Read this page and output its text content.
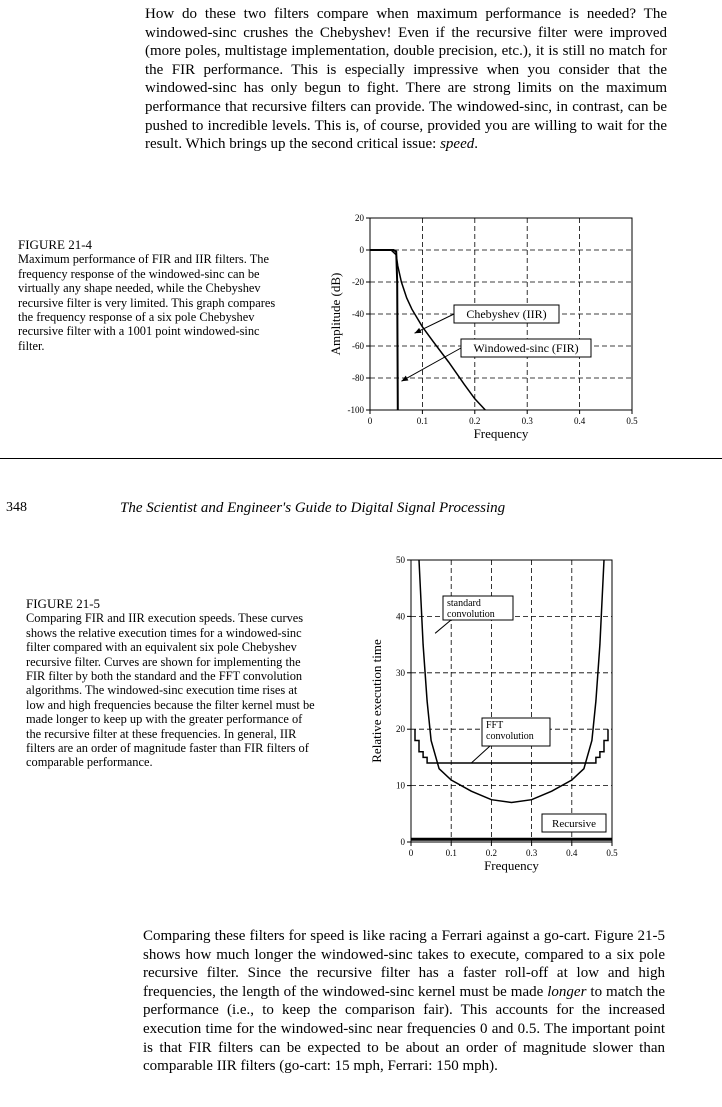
How do these two filters compare when maximum performance is needed? The windowed-sinc crushes the Chebyshev! Even if the recursive filter were improved (more poles, multistage implementation, double precision, etc.), it is still no match for the FIR performance. This is especially impressive when you consider that the windowed-sinc has only begun to fight. There are strong limits on the maximum performance that recursive filters can provide. The windowed-sinc, in contrast, can be pushed to incredible levels. This is, of course, provided you are willing to wait for the result. Which brings up the second critical issue: speed.
FIGURE 21-4
Maximum performance of FIR and IIR filters. The frequency response of the windowed-sinc can be virtually any shape needed, while the Chebyshev recursive filter is very limited. This graph compares the frequency response of a six pole Chebyshev recursive filter with a 1001 point windowed-sinc filter.
0	0.1	0.2	0.3	0.4	0.5
20
0
-20
-40
-60
-80
-100
Frequency
Amplitude (dB)	Chebyshev (IIR)
Windowed-sinc (FIR)
348	The Scientist and Engineer's Guide to Digital Signal Processing
FIGURE 21-5
Comparing FIR and IIR execution speeds. These curves shows the relative execution times for a windowed-sinc filter compared with an equivalent six pole Chebyshev recursive filter. Curves are shown for implementing the FIR filter by both the standard and the FFT convolution algorithms. The windowed-sinc execution time rises at low and high frequencies because the filter kernel must be made longer to keep up with the greater performance of the recursive filter at these frequencies. In general, IIR filters are an order of magnitude faster than FIR filters of comparable performance.
0	0.1	0.2	0.3	0.4	0.5
50
40
30
20
10
0
Frequency
Relative execution time
standard
convolution
FFT
convolution
Recursive
Comparing these filters for speed is like racing a Ferrari against a go-cart. Figure 21-5 shows how much longer the windowed-sinc takes to execute, compared to a six pole recursive filter. Since the recursive filter has a faster roll-off at low and high frequencies, the length of the windowed-sinc kernel must be made longer to match the performance (i.e., to keep the comparison fair). This accounts for the increased execution time for the windowed-sinc near frequencies 0 and 0.5. The important point is that FIR filters can be expected to be about an order of magnitude slower than comparable IIR filters (go-cart: 15 mph, Ferrari: 150 mph).
